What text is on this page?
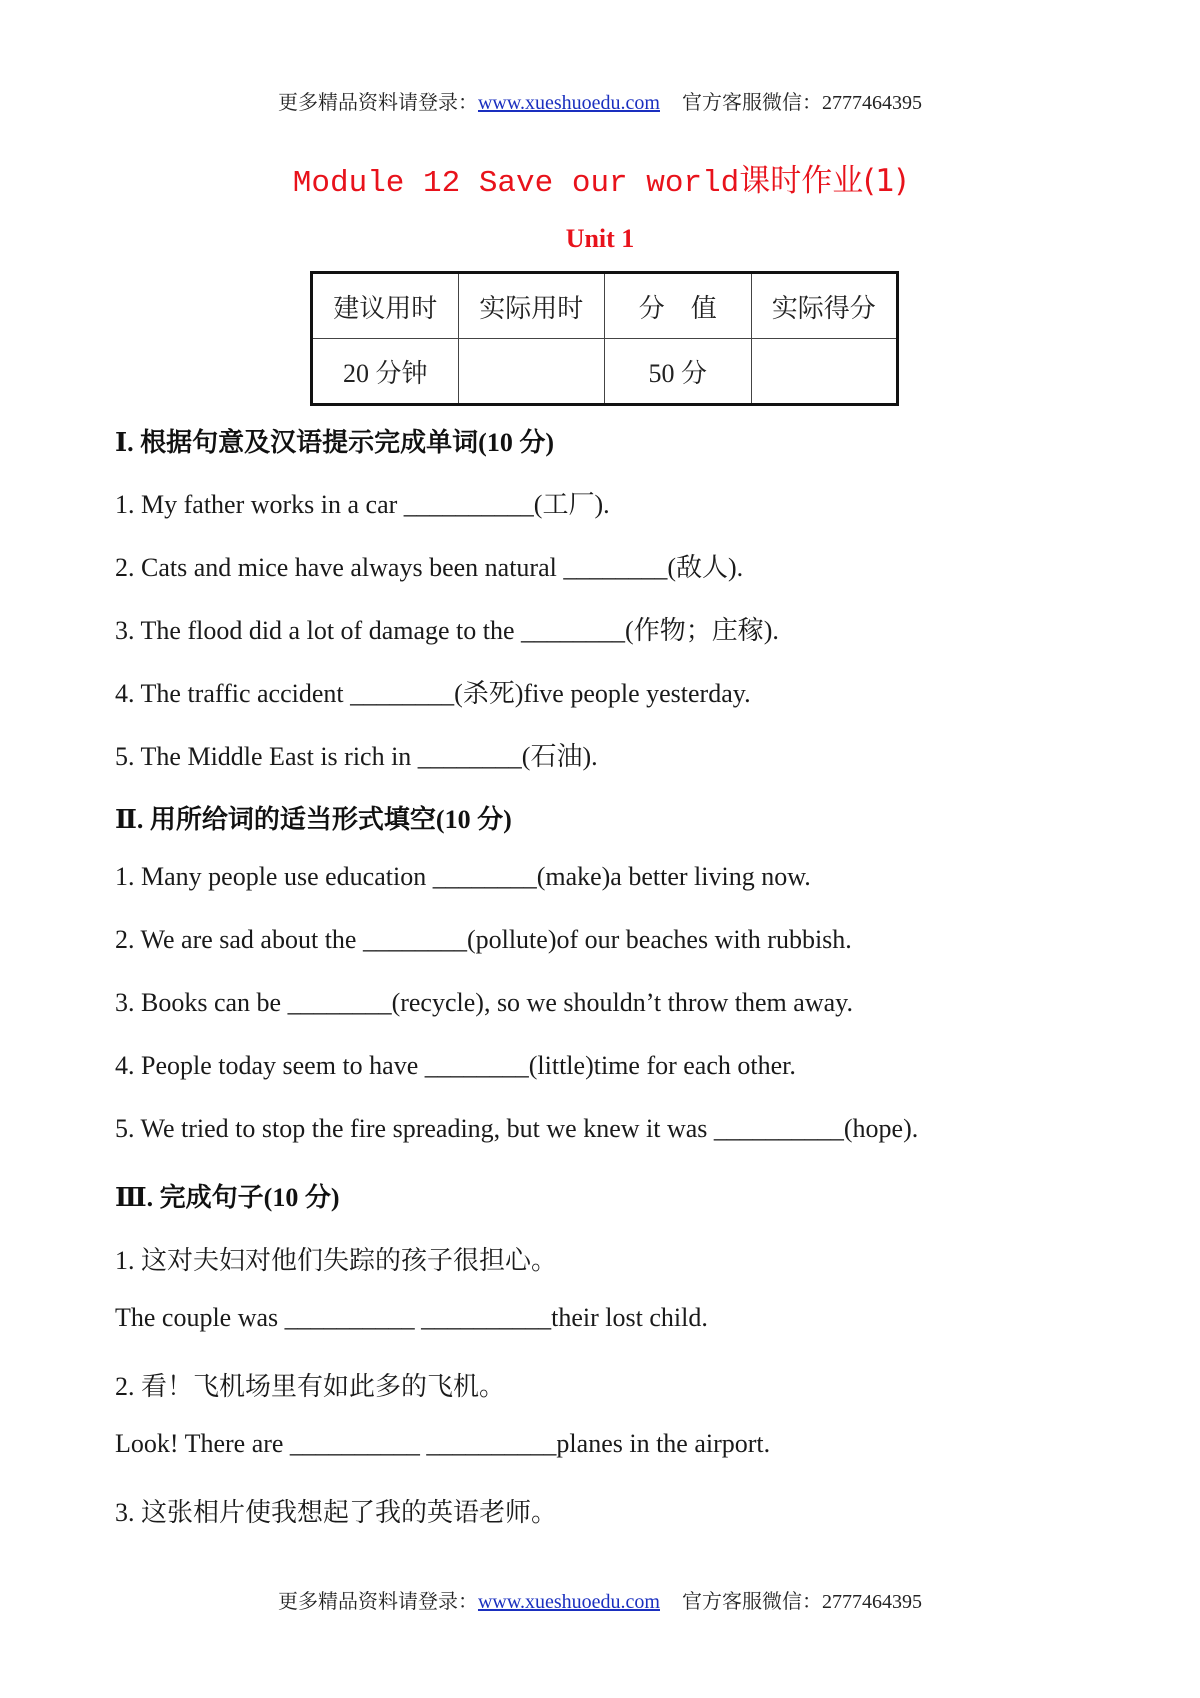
更多精品资料请登录：www.xueshuoedu.com 官方客服微信：2777464395
Module 12 Save our world课时作业(1)
Unit 1
建议用时	实际用时	分　值	实际得分
20 分钟		50 分	
Ⅰ. 根据句意及汉语提示完成单词(10 分)
1. My father works in a car __________(工厂).
2. Cats and mice have always been natural ________(敌人).
3. The flood did a lot of damage to the ________(作物；庄稼).
4. The traffic accident ________(杀死)five people yesterday.
5. The Middle East is rich in ________(石油).
Ⅱ. 用所给词的适当形式填空(10 分)
1. Many people use education ________(make)a better living now.
2. We are sad about the ________(pollute)of our beaches with rubbish.
3. Books can be ________(recycle), so we shouldn’t throw them away.
4. People today seem to have ________(little)time for each other.
5. We tried to stop the fire spreading, but we knew it was __________(hope).
Ⅲ. 完成句子(10 分)
1. 这对夫妇对他们失踪的孩子很担心。
The couple was __________ __________their lost child.
2. 看！飞机场里有如此多的飞机。
Look! There are __________ __________planes in the airport.
3. 这张相片使我想起了我的英语老师。
更多精品资料请登录：www.xueshuoedu.com 官方客服微信：2777464395
